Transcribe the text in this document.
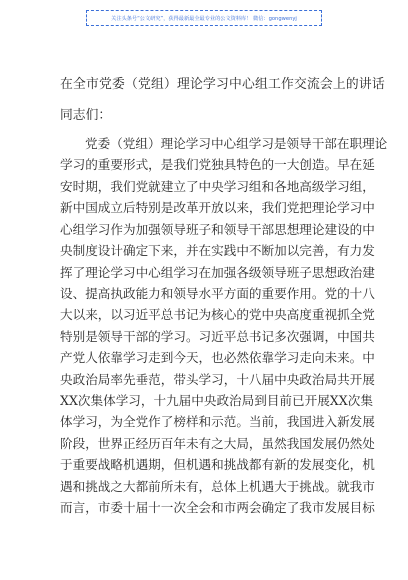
关注头条号“公文研究”，获得最新最全最专业的公文资料库！ 微信：gongwenyj
在全市党委（党组）理论学习中心组工作交流会上的讲话
同志们：
党委（党组）理论学习中心组学习是领导干部在职理论
学习的重要形式，是我们党独具特色的一大创造。早在延
安时期，我们党就建立了中央学习组和各地高级学习组，
新中国成立后特别是改革开放以来，我们党把理论学习中
心组学习作为加强领导班子和领导干部思想理论建设的中
央制度设计确定下来，并在实践中不断加以完善，有力发
挥了理论学习中心组学习在加强各级领导班子思想政治建
设、提高执政能力和领导水平方面的重要作用。党的十八
大以来，以习近平总书记为核心的党中央高度重视抓全党
特别是领导干部的学习。习近平总书记多次强调，中国共
产党人依靠学习走到今天，也必然依靠学习走向未来。中
央政治局率先垂范，带头学习，十八届中央政治局共开展
XX次集体学习，十九届中央政治局到目前已开展XX次集
体学习，为全党作了榜样和示范。当前，我国进入新发展
阶段，世界正经历百年未有之大局，虽然我国发展仍然处
于重要战略机遇期，但机遇和挑战都有新的发展变化，机
遇和挑战之大都前所未有，总体上机遇大于挑战。就我市
而言，市委十届十一次全会和市两会确定了我市发展目标
